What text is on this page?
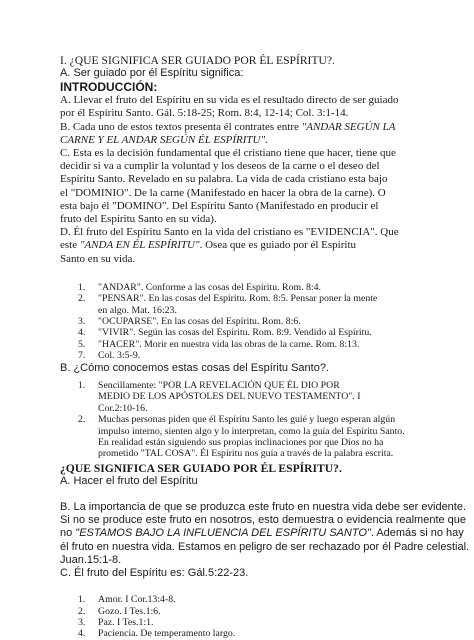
I. ¿QUE SIGNIFICA SER GUIADO POR ÉL ESPÍRITU?.
A. Ser guiado por él Espíritu significa:
INTRODUCCIÓN:
A. Llevar el fruto del Espíritu en su vida es el resultado directo de ser guiado
por él Espíritu Santo. Gál. 5:18-25; Rom. 8:4, 12-14; Col. 3:1-14.
B. Cada uno de estos textos presenta él contrates entre "ANDAR SEGÚN LA
CARNE Y EL ANDAR SEGÚN ÉL ESPÍRITU".
C. Esta es la decisión fundamental que él cristiano tiene que hacer, tiene que
decidir si va a cumplir la voluntad y los deseos de la carne o el deseo del
Espíritu Santo. Revelado en su palabra. La vida de cada cristiano esta bajo
el "DOMINIO". De la carne (Manifestado en hacer la obra de la carne). O
esta bajo él "DOMINO". Del Espíritu Santo (Manifestado en producir el
fruto del Espíritu Santo en su vida).
D. Él fruto del Espíritu Santo en la vida del cristiano es "EVIDENCIA". Que
este "ANDA EN ÉL ESPÍRITU". Osea que es guiado por él Espíritu
Santo en su vida.
1.	"ANDAR". Conforme a las cosas del Espíritu. Rom. 8:4.
2.	"PENSAR". En las cosas del Espíritu. Rom. 8:5. Pensar poner la mente
en algo. Mat. 16:23.
3.	"OCUPARSE". En las cosas del Espíritu. Rom. 8:6.
4.	"VIVIR". Según las cosas del Espíritu. Rom. 8:9. Vendido al Espíritu.
5.	"HACER". Morir en nuestra vida las obras de la carne. Rom. 8:13.
7.	Col. 3:5-9.
B. ¿Cómo conocemos estas cosas del Espíritu Santo?.
1.	Sencillamente: "POR LA REVELACIÓN QUE ÉL DIO POR
MEDIO DE LOS APÓSTOLES DEL NUEVO TESTAMENTO". I
Cor.2:10-16.
2.	Muchas personas piden que él Espíritu Santo les guié y luego esperan algún
impulso interno, sienten algo y lo interpretan, como la guía del Espíritu Santo.
En realidad están siguiendo sus propias inclinaciones por que Dios no ha
prometido "TAL COSA". Él Espíritu nos guía a través de la palabra escrita.
¿QUE SIGNIFICA SER GUIADO POR ÉL ESPÍRITU?.
A. Hacer el fruto del Espíritu
B. La importancia de que se produzca este fruto en nuestra vida debe ser evidente.
Si no se produce este fruto en nosotros, esto demuestra o evidencia realmente que
no "ESTAMOS BAJO LA INFLUENCIA DEL ESPÍRITU SANTO". Además si no hay
él fruto en nuestra vida. Estamos en peligro de ser rechazado por él Padre celestial.
Juan.15:1-8.
C. Él fruto del Espíritu es: Gál.5:22-23.
1.	Amor. I Cor.13:4-8.
2.	Gozo. I Tes.1:6.
3.	Paz. I Tes.1:1.
4.	Paciencia. De temperamento largo.
